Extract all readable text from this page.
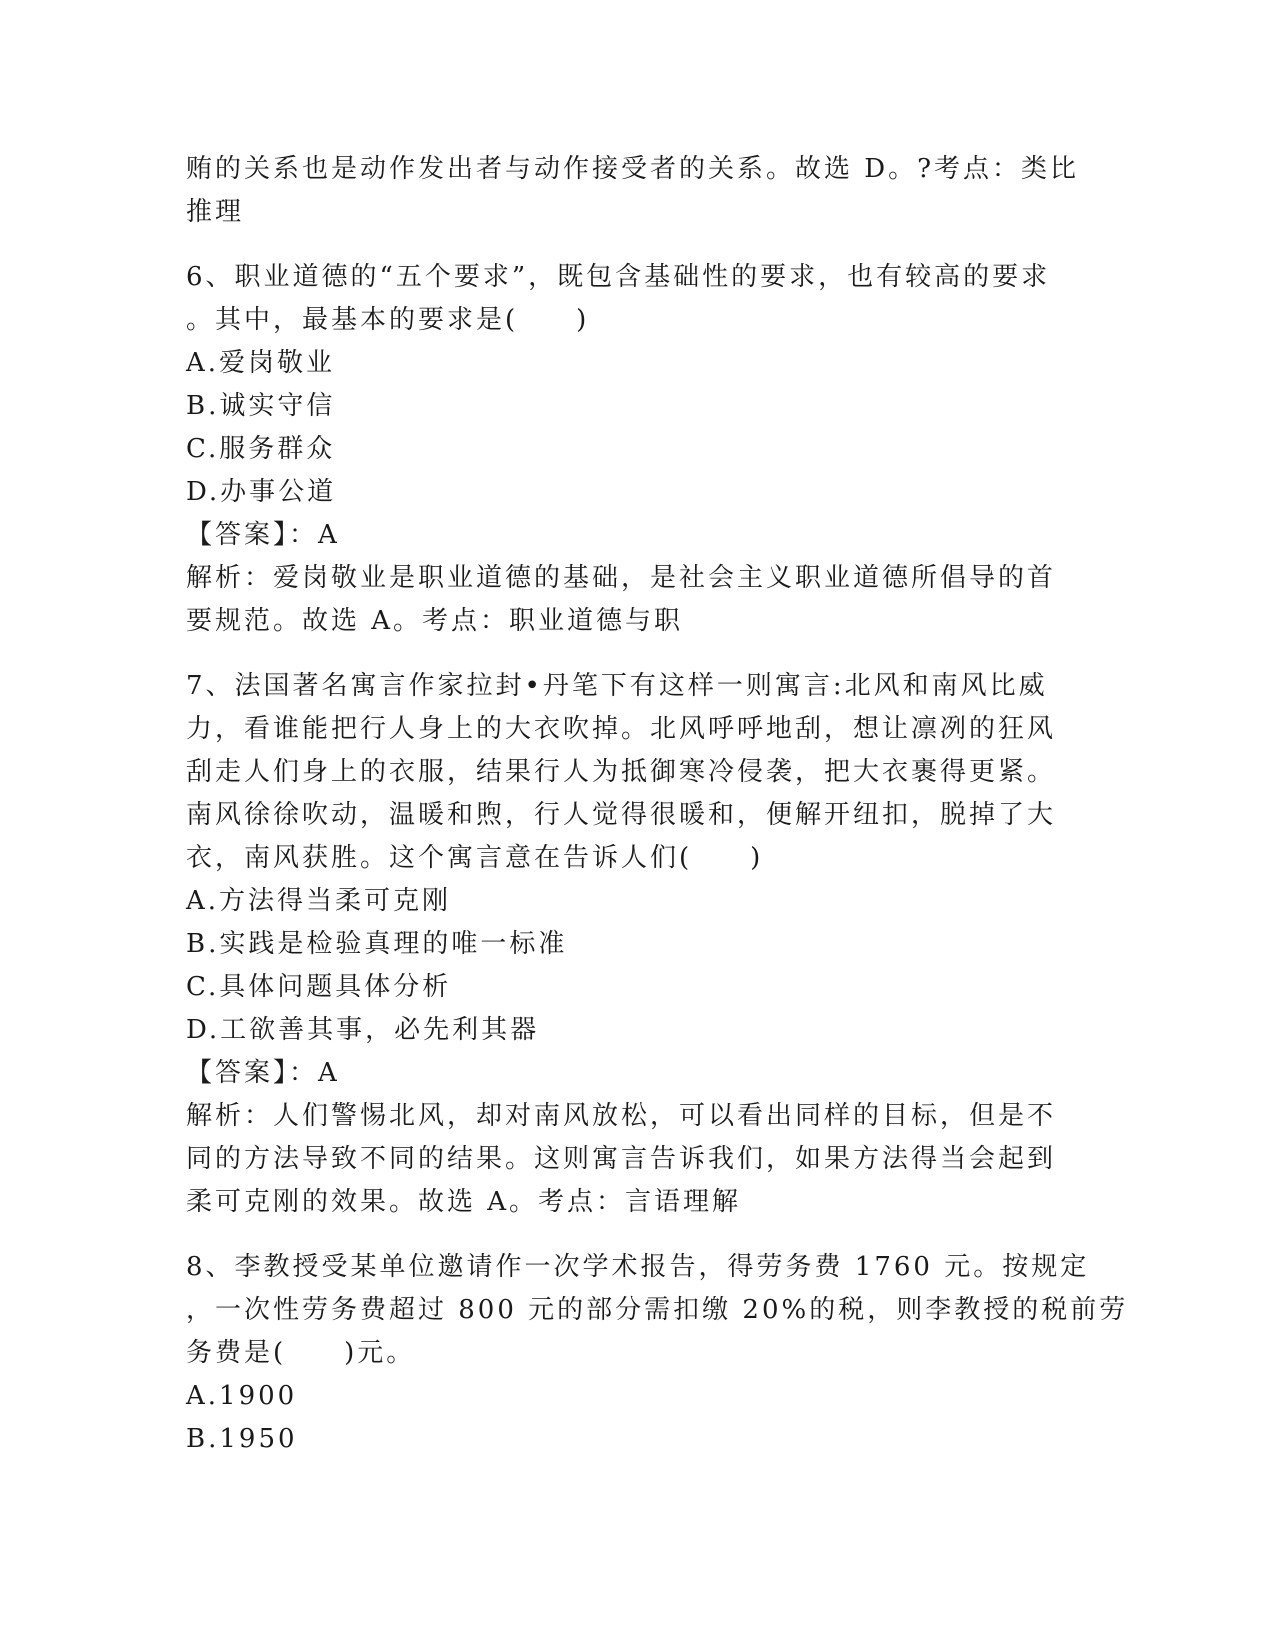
贿的关系也是动作发出者与动作接受者的关系。故选 D。?考点：类比

推理

6、职业道德的“五个要求”，既包含基础性的要求，也有较高的要求

。其中，最基本的要求是(　　)

A.爱岗敬业

B.诚实守信

C.服务群众

D.办事公道

【答案】：A

解析：爱岗敬业是职业道德的基础，是社会主义职业道德所倡导的首

要规范。故选 A。考点：职业道德与职

7、法国著名寓言作家拉封•丹笔下有这样一则寓言:北风和南风比威

力，看谁能把行人身上的大衣吹掉。北风呼呼地刮，想让凛冽的狂风

刮走人们身上的衣服，结果行人为抵御寒冷侵袭，把大衣裹得更紧。

南风徐徐吹动，温暖和煦，行人觉得很暖和，便解开纽扣，脱掉了大

衣，南风获胜。这个寓言意在告诉人们(　　)

A.方法得当柔可克刚

B.实践是检验真理的唯一标准

C.具体问题具体分析

D.工欲善其事，必先利其器

【答案】：A

解析：人们警惕北风，却对南风放松，可以看出同样的目标，但是不

同的方法导致不同的结果。这则寓言告诉我们，如果方法得当会起到

柔可克刚的效果。故选 A。考点：言语理解

8、李教授受某单位邀请作一次学术报告，得劳务费 1760 元。按规定

，一次性劳务费超过 800 元的部分需扣缴 20%的税，则李教授的税前劳

务费是(　　)元。

A.1900

B.1950
